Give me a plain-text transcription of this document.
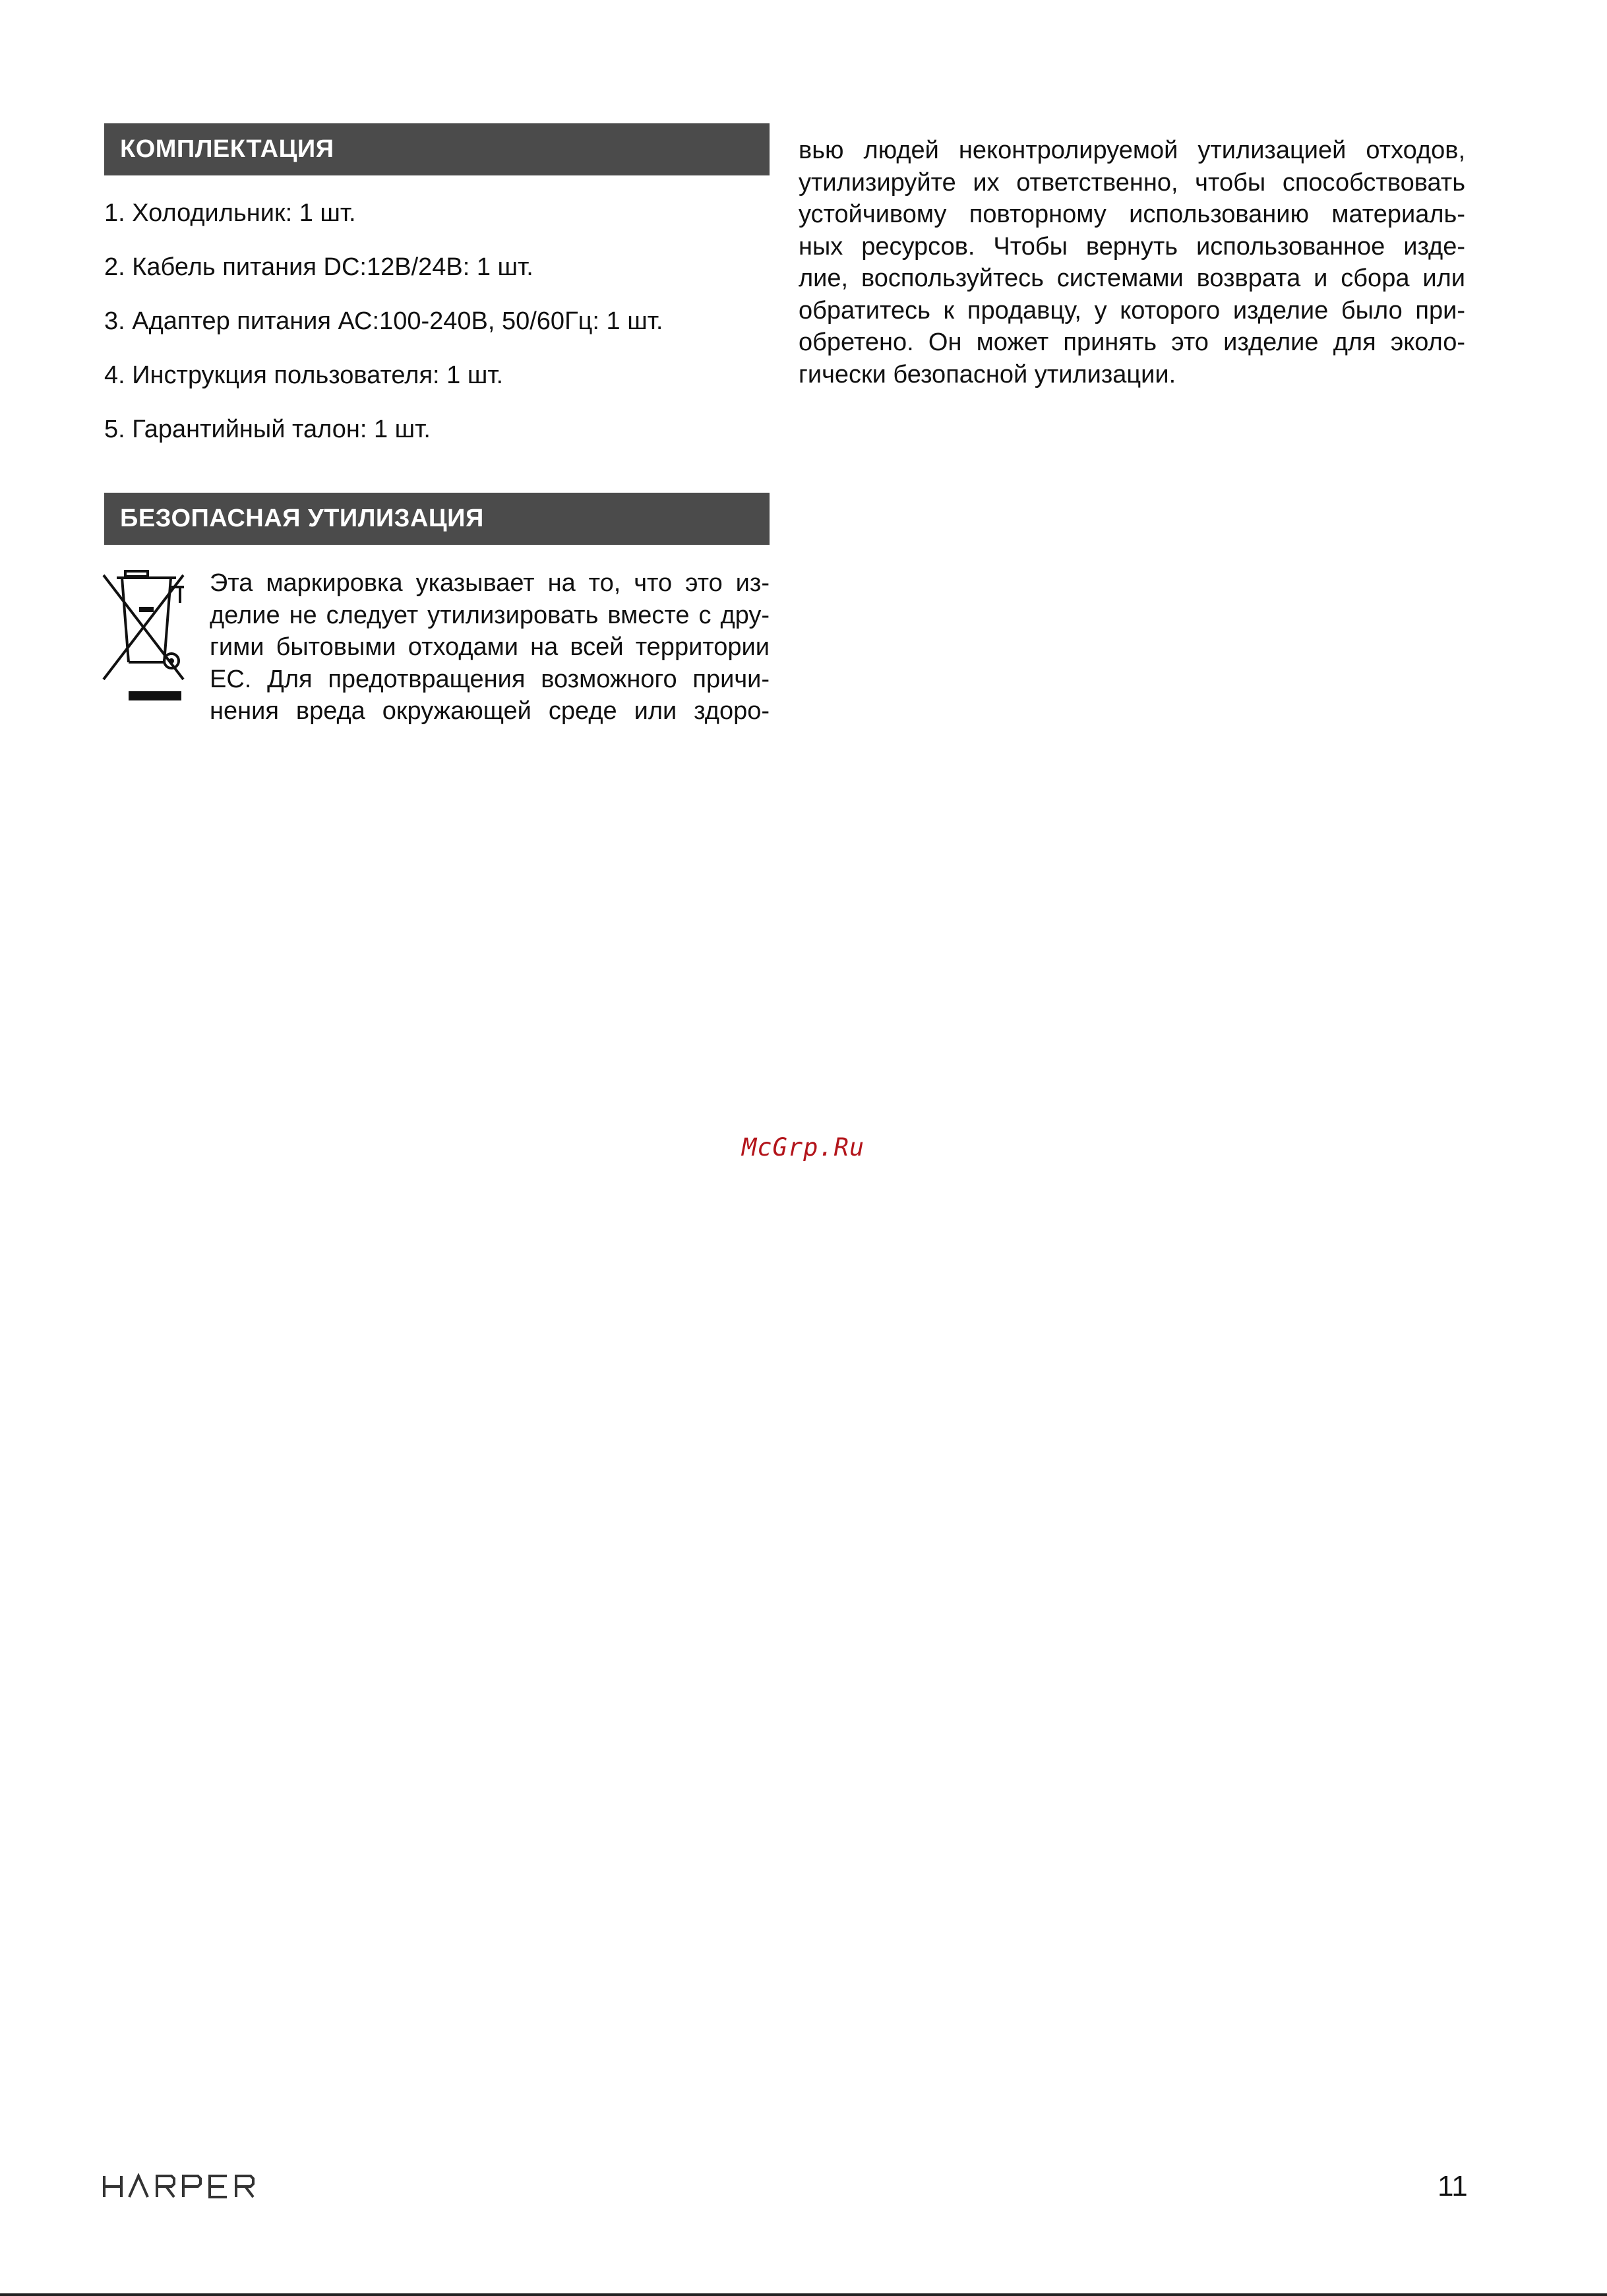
КОМПЛЕКТАЦИЯ
1. Холодильник: 1 шт.
2. Кабель питания DC:12В/24В: 1 шт.
3. Адаптер питания АС:100-240В, 50/60Гц: 1 шт.
4. Инструкция пользователя: 1 шт.
5. Гарантийный талон: 1 шт.
БЕЗОПАСНАЯ УТИЛИЗАЦИЯ

Эта маркировка указывает на то, что это из-
делие не следует утилизировать вместе с дру-
гими бытовыми отходами на всей территории
ЕС. Для предотвращения возможного причи-
нения вреда окружающей среде или здоро-

вью людей неконтролируемой утилизацией отходов,
утилизируйте их ответственно, чтобы способствовать
устойчивому повторному использованию материаль-
ных ресурсов. Чтобы вернуть использованное изде-
лие, воспользуйтесь системами возврата и сбора или
обратитесь к продавцу, у которого изделие было при-
обретено. Он может принять это изделие для эколо-
гически безопасной утилизации.

McGrp.Ru
11
